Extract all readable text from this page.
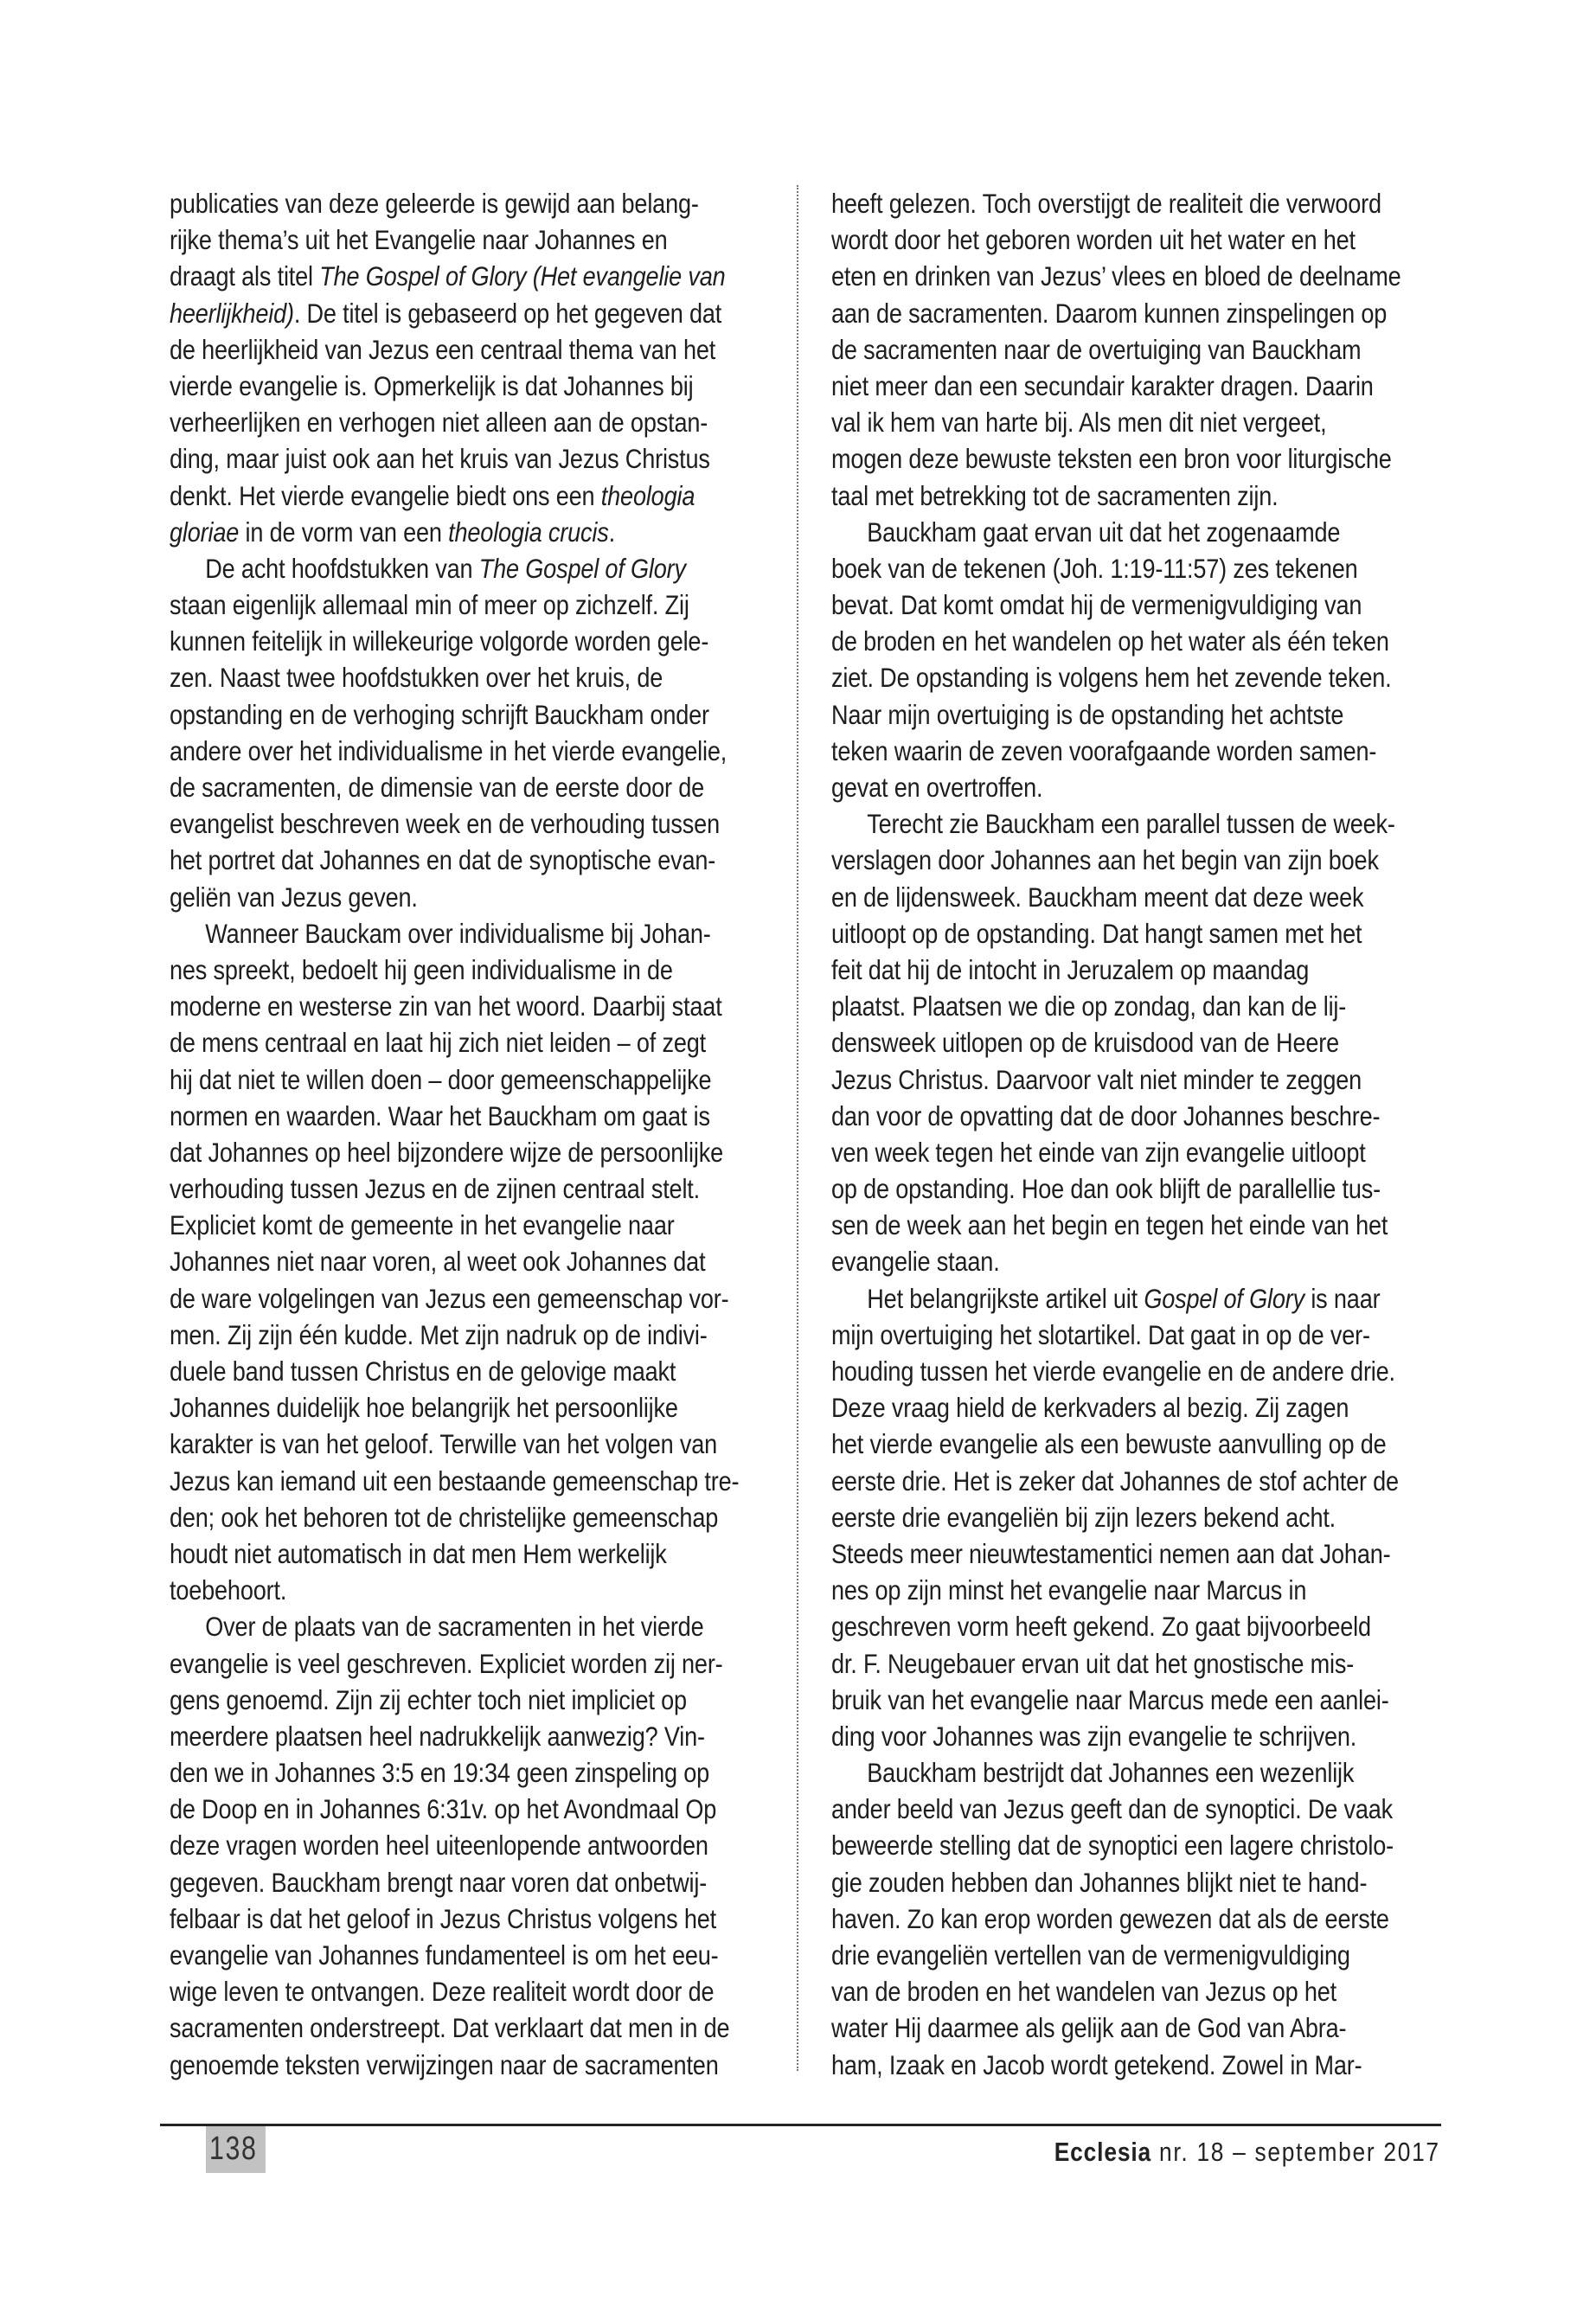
publicaties van deze geleerde is gewijd aan belang-
rijke thema’s uit het Evangelie naar Johannes en
draagt als titel The Gospel of Glory (Het evangelie van
heerlijkheid). De titel is gebaseerd op het gegeven dat
de heerlijkheid van Jezus een centraal thema van het
vierde evangelie is. Opmerkelijk is dat Johannes bij
verheerlijken en verhogen niet alleen aan de opstan-
ding, maar juist ook aan het kruis van Jezus Christus
denkt. Het vierde evangelie biedt ons een theologia
gloriae in de vorm van een theologia crucis.
De acht hoofdstukken van The Gospel of Glory
staan eigenlijk allemaal min of meer op zichzelf. Zij
kunnen feitelijk in willekeurige volgorde worden gele-
zen. Naast twee hoofdstukken over het kruis, de
opstanding en de verhoging schrijft Bauckham onder
andere over het individualisme in het vierde evangelie,
de sacramenten, de dimensie van de eerste door de
evangelist beschreven week en de verhouding tussen
het portret dat Johannes en dat de synoptische evan-
geliën van Jezus geven.
Wanneer Bauckam over individualisme bij Johan-
nes spreekt, bedoelt hij geen individualisme in de
moderne en westerse zin van het woord. Daarbij staat
de mens centraal en laat hij zich niet leiden – of zegt
hij dat niet te willen doen – door gemeenschappelijke
normen en waarden. Waar het Bauckham om gaat is
dat Johannes op heel bijzondere wijze de persoonlijke
verhouding tussen Jezus en de zijnen centraal stelt.
Expliciet komt de gemeente in het evangelie naar
Johannes niet naar voren, al weet ook Johannes dat
de ware volgelingen van Jezus een gemeenschap vor-
men. Zij zijn één kudde. Met zijn nadruk op de indivi-
duele band tussen Christus en de gelovige maakt
Johannes duidelijk hoe belangrijk het persoonlijke
karakter is van het geloof. Terwille van het volgen van
Jezus kan iemand uit een bestaande gemeenschap tre-
den; ook het behoren tot de christelijke gemeenschap
houdt niet automatisch in dat men Hem werkelijk
toebehoort.
Over de plaats van de sacramenten in het vierde
evangelie is veel geschreven. Expliciet worden zij ner-
gens genoemd. Zijn zij echter toch niet impliciet op
meerdere plaatsen heel nadrukkelijk aanwezig? Vin-
den we in Johannes 3:5 en 19:34 geen zinspeling op
de Doop en in Johannes 6:31v. op het Avondmaal Op
deze vragen worden heel uiteenlopende antwoorden
gegeven. Bauckham brengt naar voren dat onbetwij-
felbaar is dat het geloof in Jezus Christus volgens het
evangelie van Johannes fundamenteel is om het eeu-
wige leven te ontvangen. Deze realiteit wordt door de
sacramenten onderstreept. Dat verklaart dat men in de
genoemde teksten verwijzingen naar de sacramenten
heeft gelezen. Toch overstijgt de realiteit die verwoord
wordt door het geboren worden uit het water en het
eten en drinken van Jezus’ vlees en bloed de deelname
aan de sacramenten. Daarom kunnen zinspelingen op
de sacramenten naar de overtuiging van Bauckham
niet meer dan een secundair karakter dragen. Daarin
val ik hem van harte bij. Als men dit niet vergeet,
mogen deze bewuste teksten een bron voor liturgische
taal met betrekking tot de sacramenten zijn.
Bauckham gaat ervan uit dat het zogenaamde
boek van de tekenen (Joh. 1:19-11:57) zes tekenen
bevat. Dat komt omdat hij de vermenigvuldiging van
de broden en het wandelen op het water als één teken
ziet. De opstanding is volgens hem het zevende teken.
Naar mijn overtuiging is de opstanding het achtste
teken waarin de zeven voorafgaande worden samen-
gevat en overtroffen.
Terecht zie Bauckham een parallel tussen de week-
verslagen door Johannes aan het begin van zijn boek
en de lijdensweek. Bauckham meent dat deze week
uitloopt op de opstanding. Dat hangt samen met het
feit dat hij de intocht in Jeruzalem op maandag
plaatst. Plaatsen we die op zondag, dan kan de lij-
densweek uitlopen op de kruisdood van de Heere
Jezus Christus. Daarvoor valt niet minder te zeggen
dan voor de opvatting dat de door Johannes beschre-
ven week tegen het einde van zijn evangelie uitloopt
op de opstanding. Hoe dan ook blijft de parallellie tus-
sen de week aan het begin en tegen het einde van het
evangelie staan.
Het belangrijkste artikel uit Gospel of Glory is naar
mijn overtuiging het slotartikel. Dat gaat in op de ver-
houding tussen het vierde evangelie en de andere drie.
Deze vraag hield de kerkvaders al bezig. Zij zagen
het vierde evangelie als een bewuste aanvulling op de
eerste drie. Het is zeker dat Johannes de stof achter de
eerste drie evangeliën bij zijn lezers bekend acht.
Steeds meer nieuwtestamentici nemen aan dat Johan-
nes op zijn minst het evangelie naar Marcus in
geschreven vorm heeft gekend. Zo gaat bijvoorbeeld
dr. F. Neugebauer ervan uit dat het gnostische mis-
bruik van het evangelie naar Marcus mede een aanlei-
ding voor Johannes was zijn evangelie te schrijven.
Bauckham bestrijdt dat Johannes een wezenlijk
ander beeld van Jezus geeft dan de synoptici. De vaak
beweerde stelling dat de synoptici een lagere christolo-
gie zouden hebben dan Johannes blijkt niet te hand-
haven. Zo kan erop worden gewezen dat als de eerste
drie evangeliën vertellen van de vermenigvuldiging
van de broden en het wandelen van Jezus op het
water Hij daarmee als gelijk aan de God van Abra-
ham, Izaak en Jacob wordt getekend. Zowel in Mar-
138	Ecclesia nr. 18 – september 2017
